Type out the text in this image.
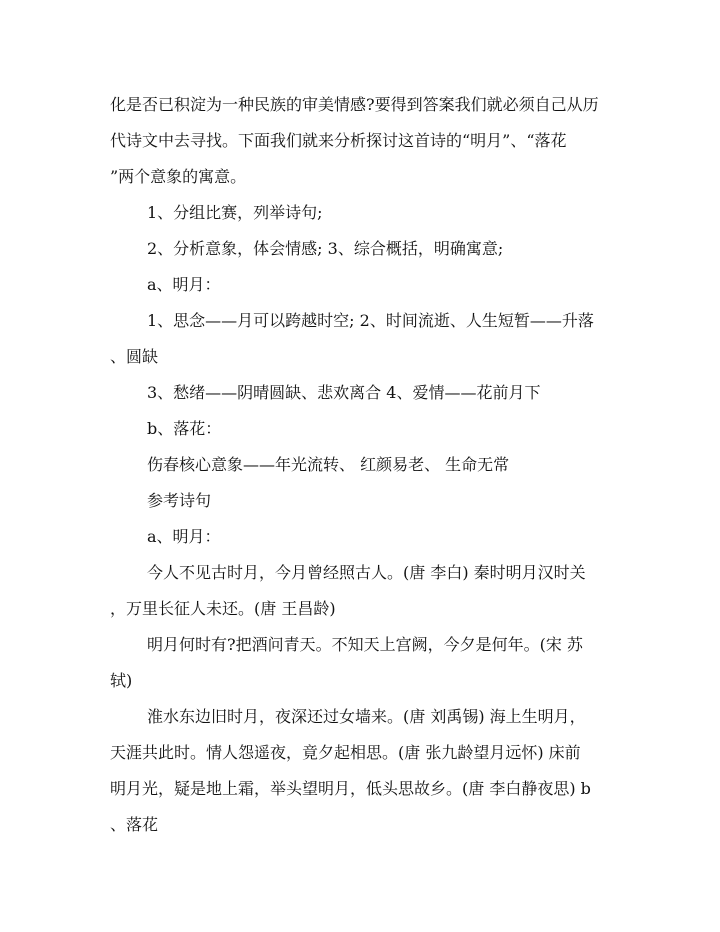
化是否已积淀为一种民族的审美情感?要得到答案我们就必须自己从历
代诗文中去寻找。下面我们就来分析探讨这首诗的“明月”、“落花
”两个意象的寓意。
1、分组比赛，列举诗句;
2、分析意象，体会情感; 3、综合概括，明确寓意;
a、明月：
1、思念——月可以跨越时空; 2、时间流逝、人生短暂——升落
、圆缺
3、愁绪——阴晴圆缺、悲欢离合 4、爱情——花前月下
b、落花：
伤春核心意象——年光流转、 红颜易老、 生命无常
参考诗句
a、明月：
今人不见古时月，今月曾经照古人。(唐 李白) 秦时明月汉时关
，万里长征人未还。(唐 王昌龄)
明月何时有?把酒问青天。不知天上宫阙，今夕是何年。(宋 苏
轼)
淮水东边旧时月，夜深还过女墙来。(唐 刘禹锡) 海上生明月，
天涯共此时。情人怨遥夜，竟夕起相思。(唐 张九龄望月远怀) 床前
明月光，疑是地上霜，举头望明月，低头思故乡。(唐 李白静夜思) b
、落花
